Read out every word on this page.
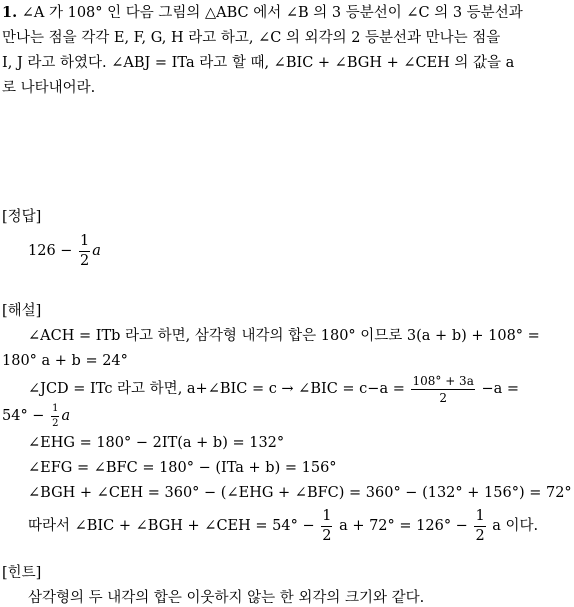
1. ∠A 가 108° 인 다음 그림의 △ABC 에서 ∠B 의 3 등분선이 ∠C 의 3 등분선과
만나는 점을 각각 E, F, G, H 라고 하고, ∠C 의 외각의 2 등분선과 만나는 점을
I, J 라고 하였다. ∠ABJ = ITa 라고 할 때, ∠BIC + ∠BGH + ∠CEH 의 값을 a
로 나타내어라.
[정답]
$126 - \frac{1}{2}$ a
[해설]
∠ACH = ITb 라고 하면, 삼각형 내각의 합은 180° 이므로 3(a + b) + 108° =
180° a + b = 24°
∠JCD = ITc 라고 하면, a+∠BIC = c → ∠BIC = $c-a = \frac{108^\circ + 3a}{2} -a$ =
$54^\circ - \frac{1}{2}$ a
∠EHG = 180° − 2IT(a + b) = 132°
∠EFG = ∠BFC = 180° − (ITa + b) = 156°
∠BGH + ∠CEH = 360° − (∠EHG + ∠BFC) = 360° − (132° + 156°) = 72°
따라서 ∠BIC + ∠BGH + ∠CEH = $54^\circ - \frac{1}{2}$ $a + 72^\circ = 126^\circ - \frac{1}{2}$ a 이다.
[힌트]
삼각형의 두 내각의 합은 이웃하지 않는 한 외각의 크기와 같다.
